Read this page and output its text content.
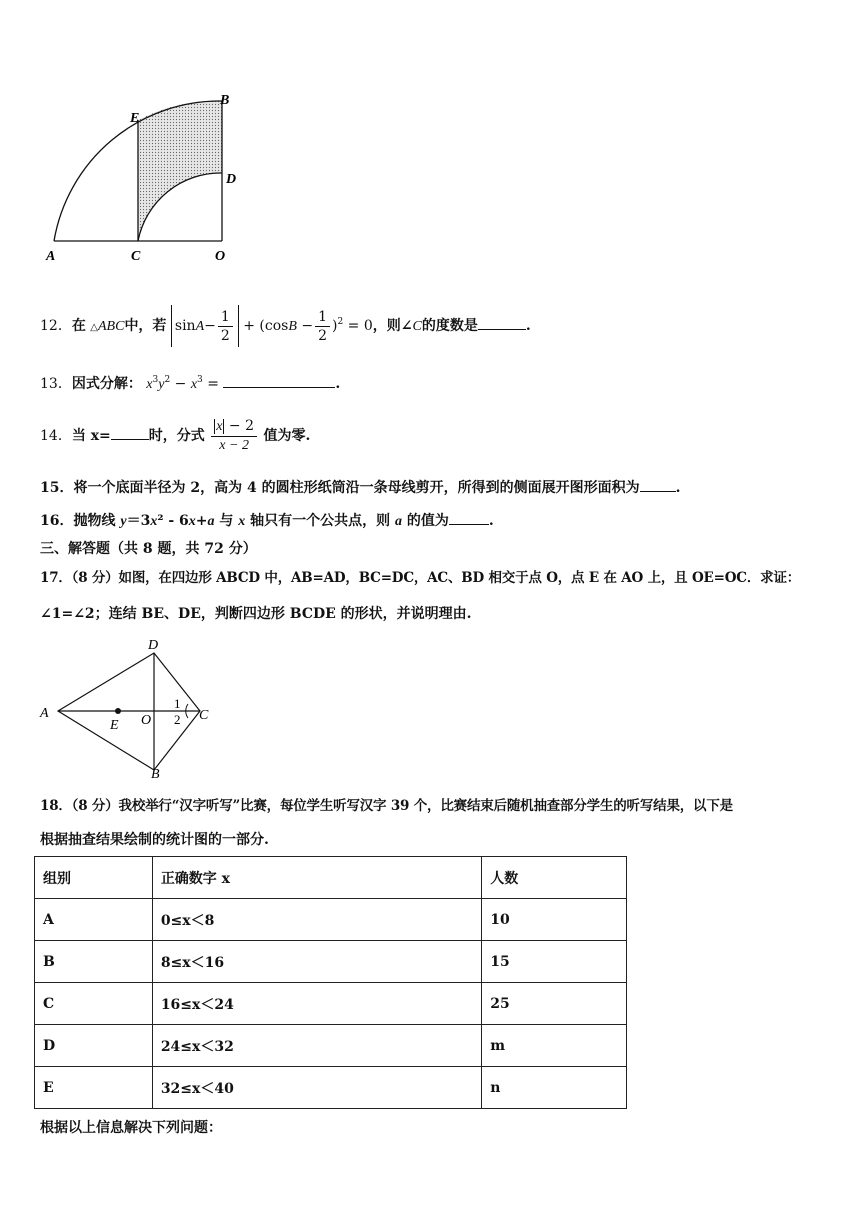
A	C	O
E
B
D
12．在 △ABC中，若 $\sin A- \frac{1}{2} + (\cos B - \frac{1}{2} )^2 = 0$，则∠C的度数是	.
13．因式分解： $x^3y^2 - x^3$ =	.
14．当 x=	时，分式 $\frac{x - 2}{x - 2}$ 值为零.
15．将一个底面半径为 2，高为 4 的圆柱形纸筒沿一条母线剪开，所得到的侧面展开图形面积为	.
16．抛物线 y＝3x² - 6x+a 与 x 轴只有一个公共点，则 a 的值为	.
三、解答题（共 8 题，共 72 分）
17．（8 分）如图，在四边形 ABCD 中，AB=AD，BC=DC，AC、BD 相交于点 O，点 E 在 AO 上，且 OE=OC．求证：
∠1=∠2；连结 BE、DE，判断四边形 BCDE 的形状，并说明理由.
A
D
B
C
E O
1
2
18．（8 分）我校举行“汉字听写”比赛，每位学生听写汉字 39 个，比赛结束后随机抽查部分学生的听写结果，以下是
根据抽查结果绘制的统计图的一部分.
组别	正确数字 x	人数
A	0≤x＜8	10
B	8≤x＜16	15
C	16≤x＜24	25
D	24≤x＜32	m
E	32≤x＜40	n
根据以上信息解决下列问题：
